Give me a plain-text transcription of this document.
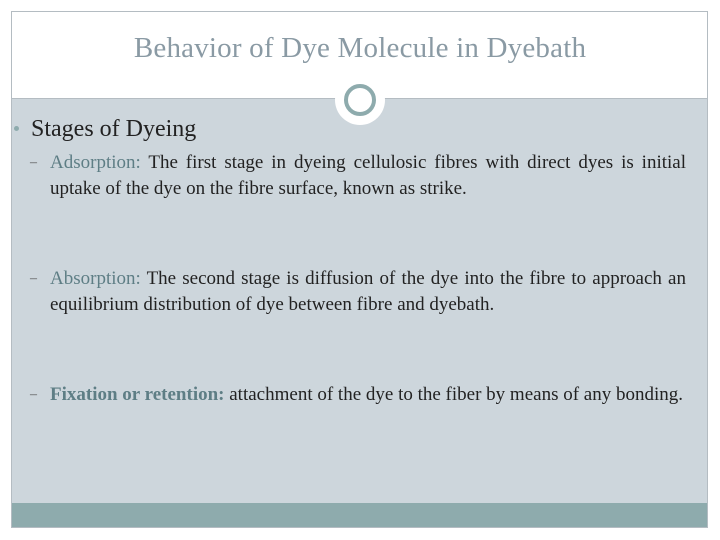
Behavior of Dye Molecule in Dyebath
Stages of Dyeing
– Adsorption: The first stage in dyeing cellulosic fibres with direct dyes is initial uptake of the dye on the fibre surface, known as strike.
– Absorption: The second stage is diffusion of the dye into the fibre to approach an equilibrium distribution of dye between fibre and dyebath.
– Fixation or retention: attachment of the dye to the fiber by means of any bonding.
